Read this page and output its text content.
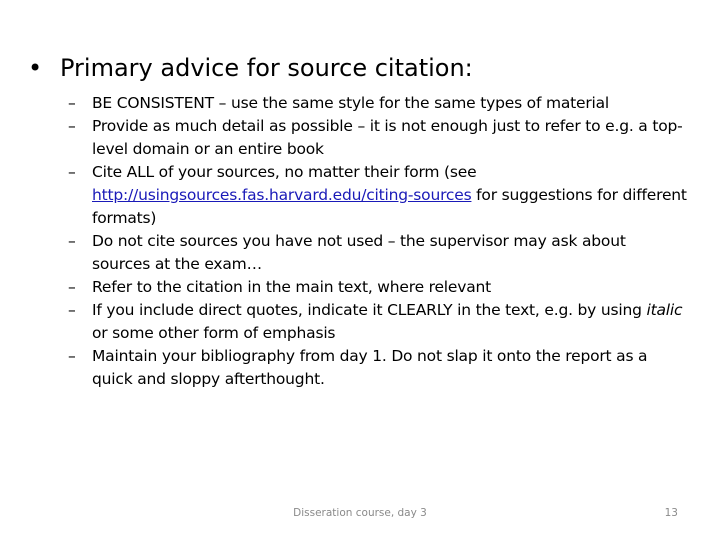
• Primary advice for source citation:
– BE CONSISTENT – use the same style for the same types of material
– Provide as much detail as possible – it is not enough just to refer to e.g. a top-level domain or an entire book
– Cite ALL of your sources, no matter their form (see http://usingsources.fas.harvard.edu/citing-sources for suggestions for different formats)
– Do not cite sources you have not used – the supervisor may ask about sources at the exam…
– Refer to the citation in the main text, where relevant
– If you include direct quotes, indicate it CLEARLY in the text, e.g. by using italic or some other form of emphasis
– Maintain your bibliography from day 1. Do not slap it onto the report as a quick and sloppy afterthought.
Disseration course, day 3	13
